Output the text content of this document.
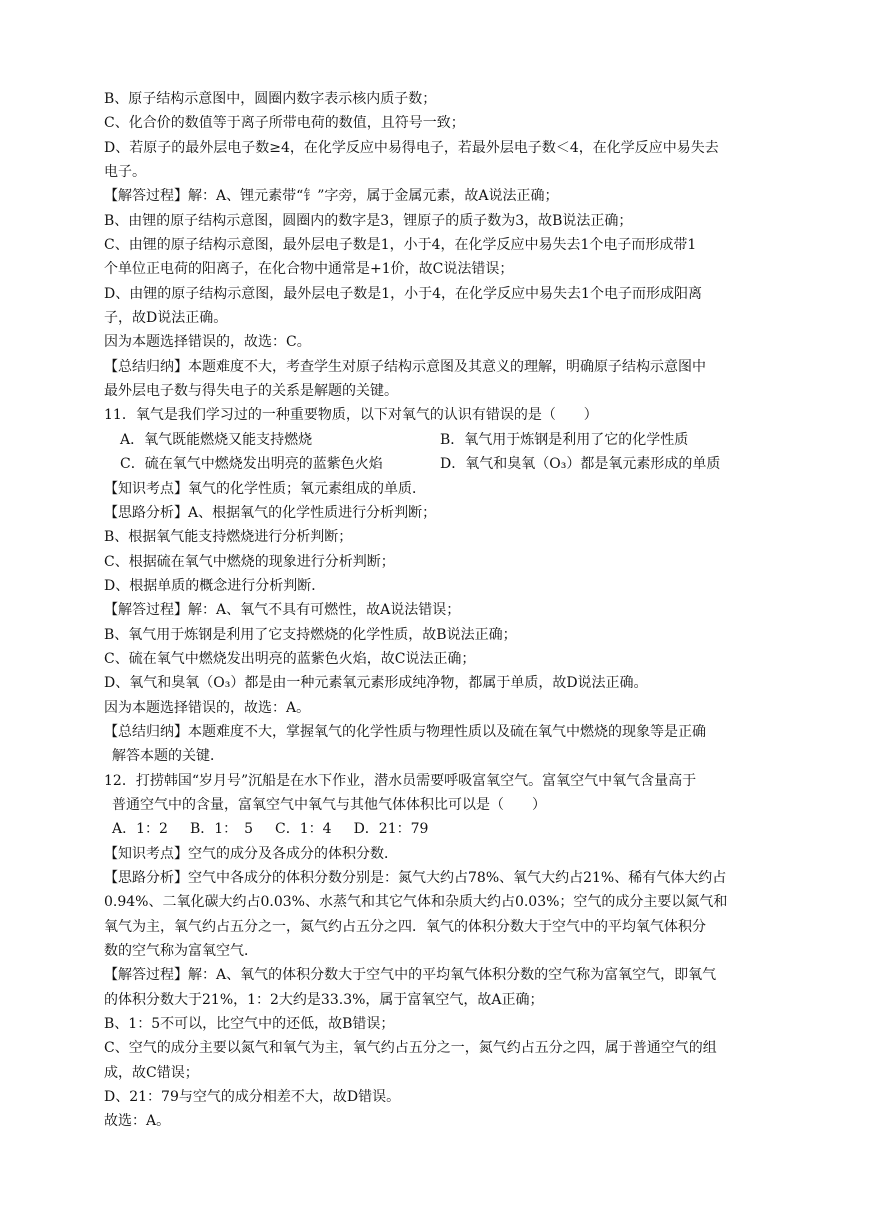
B、原子结构示意图中，圆圈内数字表示核内质子数；
C、化合价的数值等于离子所带电荷的数值，且符号一致；
D、若原子的最外层电子数≥4，在化学反应中易得电子，若最外层电子数＜4，在化学反应中易失去
电子。
【解答过程】解：A、锂元素带“钅”字旁，属于金属元素，故A说法正确；
B、由锂的原子结构示意图，圆圈内的数字是3，锂原子的质子数为3，故B说法正确；
C、由锂的原子结构示意图，最外层电子数是1，小于4，在化学反应中易失去1个电子而形成带1
个单位正电荷的阳离子，在化合物中通常是+1价，故C说法错误；
D、由锂的原子结构示意图，最外层电子数是1，小于4，在化学反应中易失去1个电子而形成阳离
子，故D说法正确。
因为本题选择错误的，故选：C。
【总结归纳】本题难度不大，考查学生对原子结构示意图及其意义的理解，明确原子结构示意图中
最外层电子数与得失电子的关系是解题的关键。
11．氧气是我们学习过的一种重要物质，以下对氧气的认识有错误的是（　　）
A．氧气既能燃烧又能支持燃烧	B．氧气用于炼钢是利用了它的化学性质
C．硫在氧气中燃烧发出明亮的蓝紫色火焰	D．氧气和臭氧（O₃）都是氧元素形成的单质
【知识考点】氧气的化学性质；氧元素组成的单质．
【思路分析】A、根据氧气的化学性质进行分析判断；
B、根据氧气能支持燃烧进行分析判断；
C、根据硫在氧气中燃烧的现象进行分析判断；
D、根据单质的概念进行分析判断．
【解答过程】解：A、氧气不具有可燃性，故A说法错误；
B、氧气用于炼钢是利用了它支持燃烧的化学性质，故B说法正确；
C、硫在氧气中燃烧发出明亮的蓝紫色火焰，故C说法正确；
D、氧气和臭氧（O₃）都是由一种元素氧元素形成纯净物，都属于单质，故D说法正确。
因为本题选择错误的，故选：A。
【总结归纳】本题难度不大，掌握氧气的化学性质与物理性质以及硫在氧气中燃烧的现象等是正确
解答本题的关键．
12．打捞韩国“岁月号”沉船是在水下作业，潜水员需要呼吸富氧空气。富氧空气中氧气含量高于
普通空气中的含量，富氧空气中氧气与其他气体体积比可以是（　　）
A．1：2 B．1：　5 C．1：4 D．21：79
【知识考点】空气的成分及各成分的体积分数．
【思路分析】空气中各成分的体积分数分别是：氮气大约占78%、氧气大约占21%、稀有气体大约占
0.94%、二氧化碳大约占0.03%、水蒸气和其它气体和杂质大约占0.03%；空气的成分主要以氮气和
氧气为主，氧气约占五分之一，氮气约占五分之四．氧气的体积分数大于空气中的平均氧气体积分
数的空气称为富氧空气．
【解答过程】解：A、氧气的体积分数大于空气中的平均氧气体积分数的空气称为富氧空气，即氧气
的体积分数大于21%，1：2大约是33.3%，属于富氧空气，故A正确；
B、1：5不可以，比空气中的还低，故B错误；
C、空气的成分主要以氮气和氧气为主，氧气约占五分之一，氮气约占五分之四，属于普通空气的组
成，故C错误；
D、21：79与空气的成分相差不大，故D错误。
故选：A。
